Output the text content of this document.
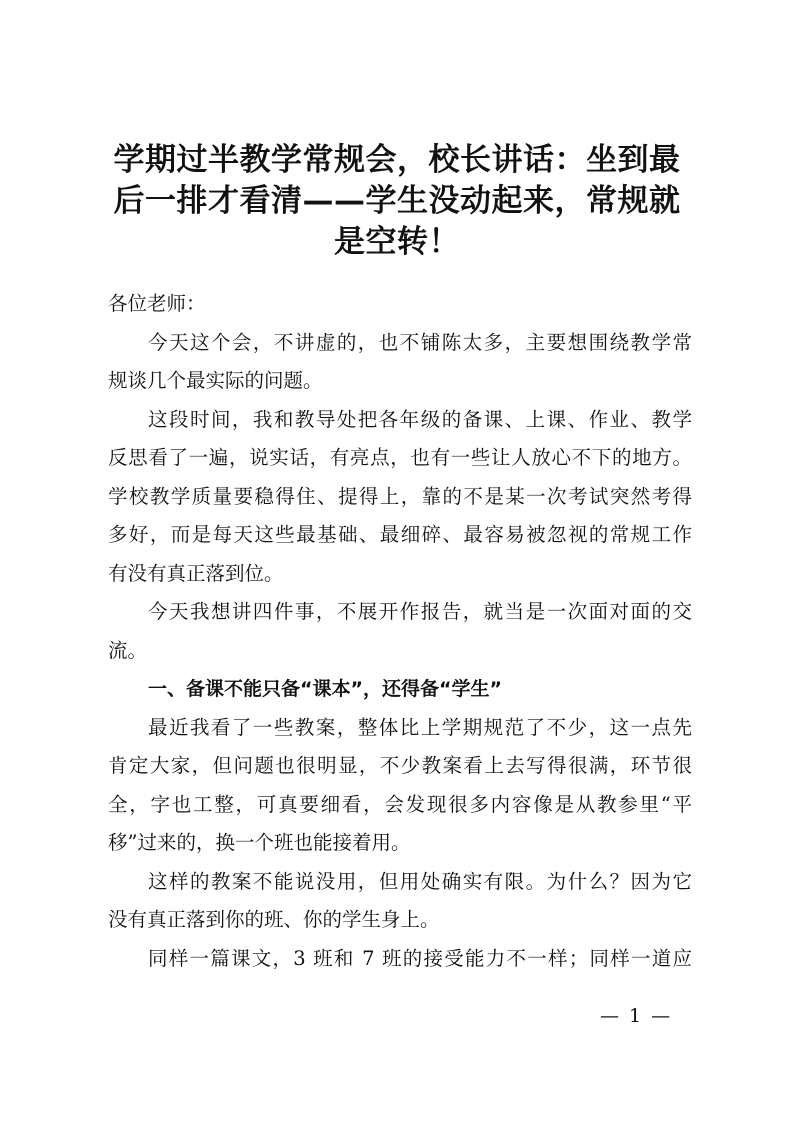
学期过半教学常规会，校长讲话：坐到最
后一排才看清——学生没动起来，常规就
是空转！
各位老师：
今天这个会，不讲虚的，也不铺陈太多，主要想围绕教学常
规谈几个最实际的问题。
这段时间，我和教导处把各年级的备课、上课、作业、教学
反思看了一遍，说实话，有亮点，也有一些让人放心不下的地方。
学校教学质量要稳得住、提得上，靠的不是某一次考试突然考得
多好，而是每天这些最基础、最细碎、最容易被忽视的常规工作
有没有真正落到位。
今天我想讲四件事，不展开作报告，就当是一次面对面的交
流。
一、备课不能只备“课本”，还得备“学生”
最近我看了一些教案，整体比上学期规范了不少，这一点先
肯定大家，但问题也很明显，不少教案看上去写得很满，环节很
全，字也工整，可真要细看，会发现很多内容像是从教参里“平
移”过来的，换一个班也能接着用。
这样的教案不能说没用，但用处确实有限。为什么？因为它
没有真正落到你的班、你的学生身上。
同样一篇课文，3 班和 7 班的接受能力不一样；同样一道应
— 1 —
